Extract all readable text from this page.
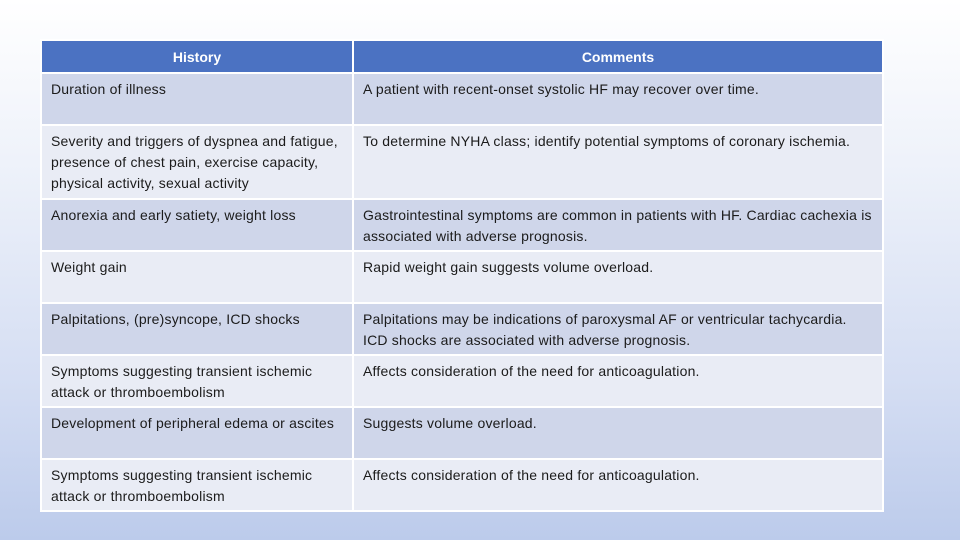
History	Comments
Duration of illness	A patient with recent-onset systolic HF may recover over time.
Severity and triggers of dyspnea and fatigue, presence of chest pain, exercise capacity, physical activity, sexual activity	To determine NYHA class; identify potential symptoms of coronary ischemia.
Anorexia and early satiety, weight loss	Gastrointestinal symptoms are common in patients with HF. Cardiac cachexia is associated with adverse prognosis.
Weight gain	Rapid weight gain suggests volume overload.
Palpitations, (pre)syncope, ICD shocks	Palpitations may be indications of paroxysmal AF or ventricular tachycardia. ICD shocks are associated with adverse prognosis.
Symptoms suggesting transient ischemic attack or thromboembolism	Affects consideration of the need for anticoagulation.
Development of peripheral edema or ascites	Suggests volume overload.
Symptoms suggesting transient ischemic attack or thromboembolism	Affects consideration of the need for anticoagulation.
